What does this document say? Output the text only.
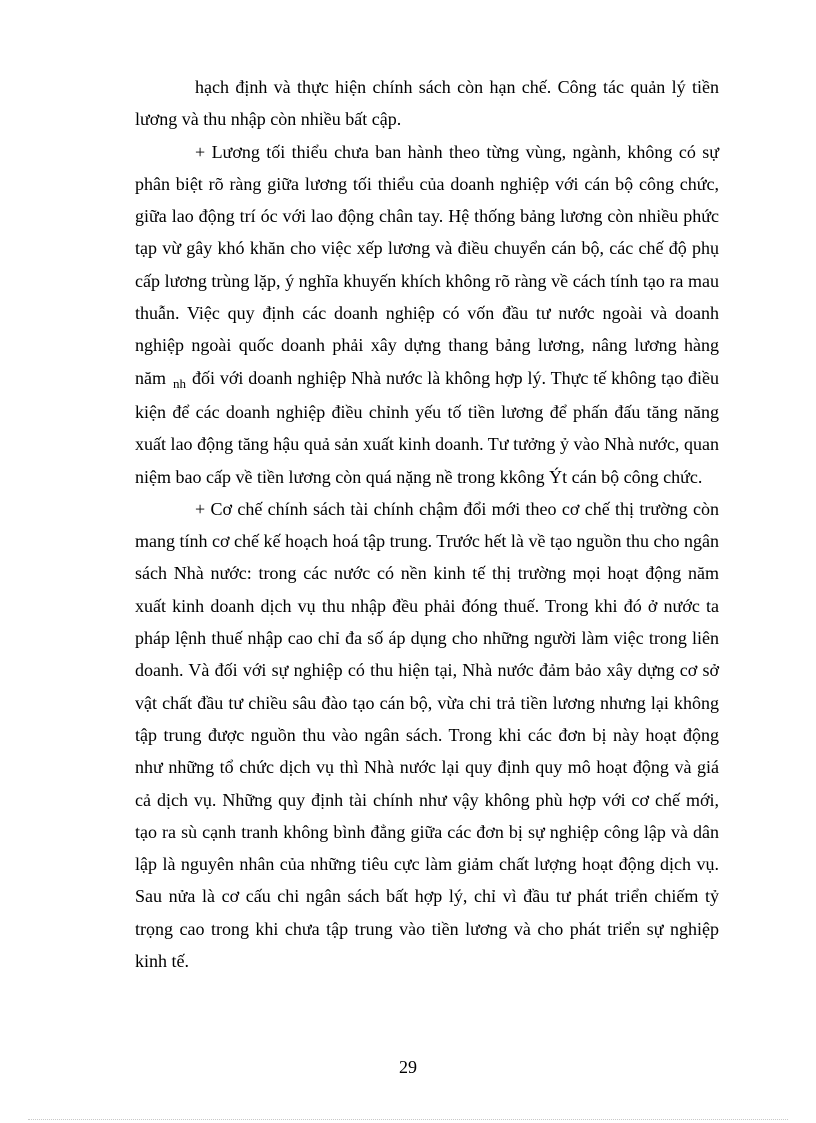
hạch định và thực hiện chính sách còn hạn chế. Công tác quản lý tiền lương và thu nhập còn nhiều bất cập.

+ Lương tối thiểu chưa ban hành theo từng vùng, ngành, không có sự phân biệt rõ ràng giữa lương tối thiểu của doanh nghiệp với cán bộ công chức, giữa lao động trí óc với lao động chân tay. Hệ thống bảng lương còn nhiều phức tạp vừ gây khó khăn cho việc xếp lương và điều chuyển cán bộ, các chế độ phụ cấp lương trùng lặp, ý nghĩa khuyến khích không rõ ràng về cách tính tạo ra mau thuẫn. Việc quy định các doanh nghiệp có vốn đầu tư nước ngoài và doanh nghiệp ngoài quốc doanh phải xây dựng thang bảng lương, nâng lương hàng năm $_{nh}$ đối với doanh nghiệp Nhà nước là không hợp lý. Thực tế không tạo điều kiện để các doanh nghiệp điều chỉnh yếu tố tiền lương để phấn đấu tăng năng xuất lao động tăng hậu quả sản xuất kinh doanh. Tư tưởng ỷ vào Nhà nước, quan niệm bao cấp về tiền lương còn quá nặng nề trong kkông Ýt cán bộ công chức.

+ Cơ chế chính sách tài chính chậm đổi mới theo cơ chế thị trường còn mang tính cơ chế kế hoạch hoá tập trung. Trước hết là về tạo nguồn thu cho ngân sách Nhà nước: trong các nước có nền kinh tế thị trường mọi hoạt động năm xuất kinh doanh dịch vụ thu nhập đều phải đóng thuế. Trong khi đó ở nước ta pháp lệnh thuế nhập cao chỉ đa số áp dụng cho những người làm việc trong liên doanh. Và đối với sự nghiệp có thu hiện tại, Nhà nước đảm bảo xây dựng cơ sở vật chất đầu tư chiều sâu đào tạo cán bộ, vừa chi trả tiền lương nhưng lại không tập trung được nguồn thu vào ngân sách. Trong khi các đơn bị này hoạt động như những tổ chức dịch vụ thì Nhà nước lại quy định quy mô hoạt động và giá cả dịch vụ. Những quy định tài chính như vậy không phù hợp với cơ chế mới, tạo ra sù cạnh tranh không bình đẳng giữa các đơn bị sự nghiệp công lập và dân lập là nguyên nhân của những tiêu cực làm giảm chất lượng hoạt động dịch vụ. Sau nửa là cơ cấu chi ngân sách bất hợp lý, chỉ vì đầu tư phát triển chiếm tỷ trọng cao trong khi chưa tập trung vào tiền lương và cho phát triển sự nghiệp kinh tế.

29
